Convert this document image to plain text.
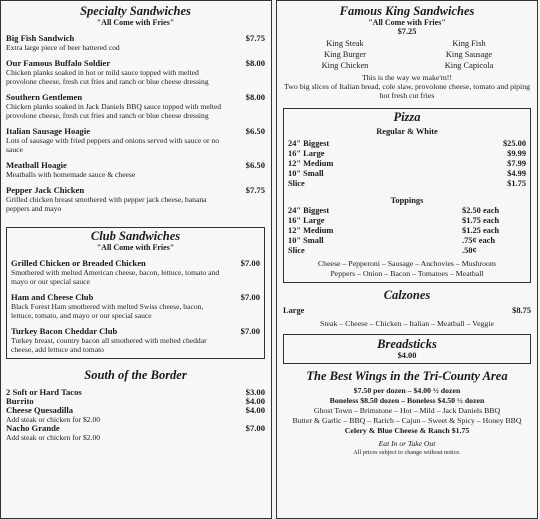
Specialty Sandwiches
"All Come with Fries"
Big Fish Sandwich	$7.75
Extra large piece of beer battered cod
Our Famous Buffalo Soldier	$8.00
Chicken planks soaked in hot or mild sauce topped with melted provolone cheese, fresh cut fries and ranch or blue cheese dressing
Southern Gentlemen	$8.00
Chicken planks soaked in Jack Daniels BBQ sauce topped with melted provolone cheese, fresh cut fries and ranch or blue cheese dressing
Italian Sausage Hoagie	$6.50
Lots of sausage with fried peppers and onions served with sauce or no sauce
Meatball Hoagie	$6.50
Meatballs with homemade sauce & cheese
Pepper Jack Chicken	$7.75
Grilled chicken breast smothered with pepper jack cheese, banana peppers and mayo
Club Sandwiches
"All Come with Fries"
Grilled Chicken or Breaded Chicken	$7.00
Smothered with melted American cheese, bacon, lettuce, tomato and mayo or our special sauce
Ham and Cheese Club	$7.00
Black Forest Ham smothered with melted Swiss cheese, bacon, lettuce, tomato, and mayo or our special sauce
Turkey Bacon Cheddar Club	$7.00
Turkey breast, country bacon all smothered with melted cheddar cheese, add lettuce and tomato
South of the Border
2 Soft or Hard Tacos	$3.00
Burrito	$4.00
Cheese Quesadilla	$4.00
Add steak or chicken for $2.00
Nacho Grande	$7.00
Add steak or chicken for $2.00
Famous King Sandwiches
"All Come with Fries"
$7.25
King Steak	King Fish
King Burger	King Sausage
King Chicken	King Capicola
This is the way we make'm!!
Two big slices of Italian bread, cole slaw, provolone cheese, tomato and piping hot fresh cut fries
Pizza
Regular & White
24" Biggest	$25.00
16" Large	$9.99
12" Medium	$7.99
10" Small	$4.99
Slice	$1.75
Toppings
24" Biggest	$2.50 each
16" Large	$1.75 each
12" Medium	$1.25 each
10" Small	.75¢ each
Slice	.50¢
Cheese – Pepperoni – Sausage – Anchovies – Mushroom
Peppers – Onion – Bacon – Tomatoes – Meatball
Calzones
Large	$8.75
Steak – Cheese – Chicken – Italian – Meatball – Veggie
Breadsticks
$4.00
The Best Wings in the Tri-County Area
$7.50 per dozen – $4.00 ½ dozen
Boneless $8.50 dozen – Boneless $4.50 ½ dozen
Ghost Town – Brimstone – Hot – Mild – Jack Daniels BBQ
Butter & Garlic – BBQ – Rarich – Cajun – Sweet & Spicy – Honey BBQ
Celery & Blue Cheese & Ranch $1.75
Eat In or Take Out
All prices subject to change without notice.
